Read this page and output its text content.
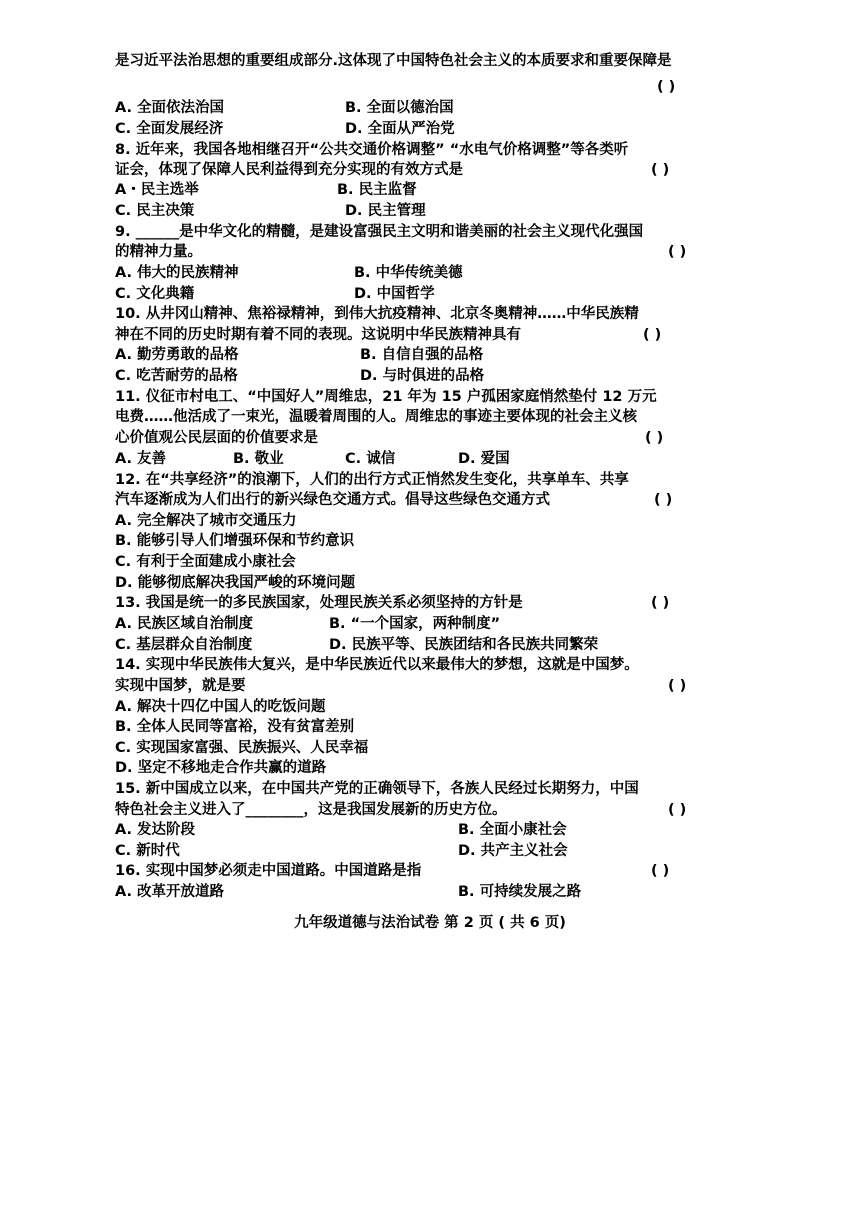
是习近平法治思想的重要组成部分.这体现了中国特色社会主义的本质要求和重要保障是
( )
A. 全面依法治国	B. 全面以德治国
C. 全面发展经济	D. 全面从严治党
8. 近年来，我国各地相继召开“公共交通价格调整” “水电气价格调整”等各类听
证会，体现了保障人民利益得到充分实现的有效方式是	( )
A・民主选举	B. 民主监督
C. 民主决策	D. 民主管理
9. ______是中华文化的精髓，是建设富强民主文明和谐美丽的社会主义现代化强国
的精神力量。	( )
A. 伟大的民族精神	B. 中华传统美德
C. 文化典籍	D. 中国哲学
10. 从井冈山精神、焦裕禄精神，到伟大抗疫精神、北京冬奥精神……中华民族精
神在不同的历史时期有着不同的表现。这说明中华民族精神具有	( )
A. 勤劳勇敢的品格	B. 自信自强的品格
C. 吃苦耐劳的品格	D. 与时俱进的品格
11. 仪征市村电工、“中国好人”周维忠，21 年为 15 户孤困家庭悄然垫付 12 万元
电费……他活成了一束光，温暖着周围的人。周维忠的事迹主要体现的社会主义核
心价值观公民层面的价值要求是	( )
A. 友善	B. 敬业	C. 诚信	D. 爱国
12. 在“共享经济”的浪潮下，人们的出行方式正悄然发生变化，共享单车、共享
汽车逐渐成为人们出行的新兴绿色交通方式。倡导这些绿色交通方式	( )
A. 完全解决了城市交通压力
B. 能够引导人们增强环保和节约意识
C. 有利于全面建成小康社会
D. 能够彻底解决我国严峻的环境问题
13. 我国是统一的多民族国家，处理民族关系必须坚持的方针是	( )
A. 民族区域自治制度	B. “一个国家，两种制度”
C. 基层群众自治制度	D. 民族平等、民族团结和各民族共同繁荣
14. 实现中华民族伟大复兴，是中华民族近代以来最伟大的梦想，这就是中国梦。
实现中国梦，就是要	( )
A. 解决十四亿中国人的吃饭问题
B. 全体人民同等富裕，没有贫富差别
C. 实现国家富强、民族振兴、人民幸福
D. 坚定不移地走合作共赢的道路
15. 新中国成立以来，在中国共产党的正确领导下，各族人民经过长期努力，中国
特色社会主义进入了________，这是我国发展新的历史方位。	( )
A. 发达阶段	B. 全面小康社会
C. 新时代	D. 共产主义社会
16. 实现中国梦必须走中国道路。中国道路是指	( )
A. 改革开放道路	B. 可持续发展之路
九年级道德与法治试卷 第 2 页 ( 共 6 页)
